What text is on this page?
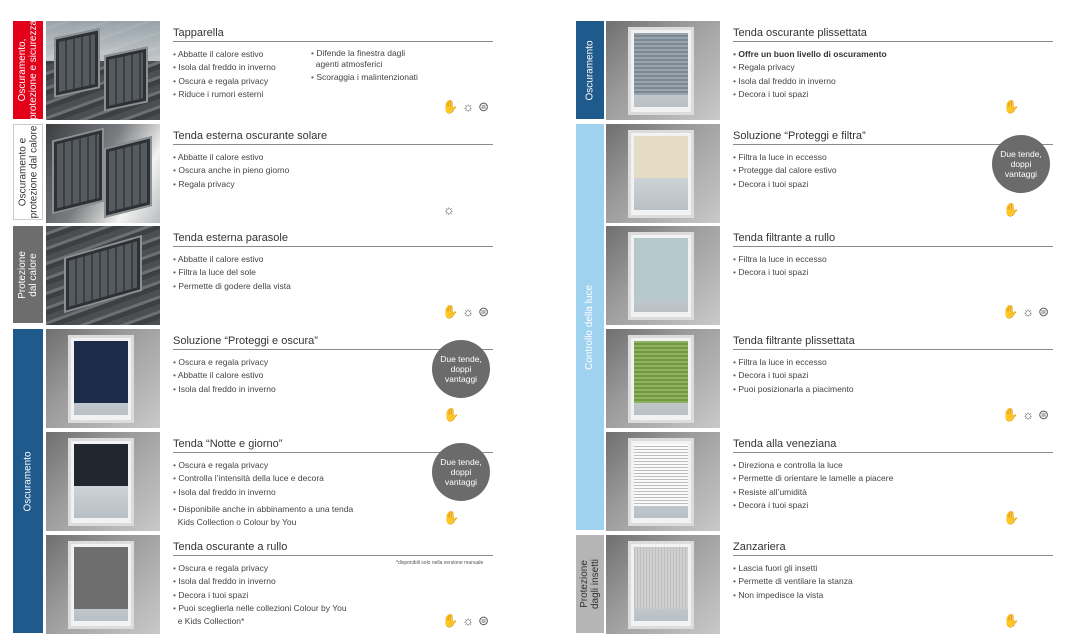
Oscuramento,
protezione e sicurezza
Oscuramento e
protezione dal calore
Protezione
dal calore
Oscuramento
Tapparella
• Abbatte il calore estivo
• Isola dal freddo in inverno
• Oscura e regala privacy
• Riduce i rumori esterni
• Difende la finestra dagli
agenti atmosferici
• Scoraggia i malintenzionati
✋ ☼ ⊜
Tenda esterna oscurante solare
• Abbatte il calore estivo
• Oscura anche in pieno giorno
• Regala privacy
☼
Tenda esterna parasole
• Abbatte il calore estivo
• Filtra la luce del sole
• Permette di godere della vista
✋ ☼ ⊜
Soluzione “Proteggi e oscura”
• Oscura e regala privacy
• Abbatte il calore estivo
• Isola dal freddo in inverno
Due tende,
doppi
vantaggi
✋
Tenda “Notte e giorno”
• Oscura e regala privacy
• Controlla l’intensità della luce e decora
• Isola dal freddo in inverno
• Disponibile anche in abbinamento a una tenda
Kids Collection o Colour by You
Due tende,
doppi
vantaggi
✋
Tenda oscurante a rullo
• Oscura e regala privacy
• Isola dal freddo in inverno
• Decora i tuoi spazi
• Puoi sceglierla nelle collezioni Colour by You
e Kids Collection*
*disponibili solo nella versione manuale
✋ ☼ ⊜
Oscuramento
Controllo della luce
Protezione
dagli insetti
Tenda oscurante plissettata
• Offre un buon livello di oscuramento
• Regala privacy
• Isola dal freddo in inverno
• Decora i tuoi spazi
✋
Soluzione “Proteggi e filtra”
• Filtra la luce in eccesso
• Protegge dal calore estivo
• Decora i tuoi spazi
Due tende,
doppi
vantaggi
✋
Tenda filtrante a rullo
• Filtra la luce in eccesso
• Decora i tuoi spazi
✋ ☼ ⊜
Tenda filtrante plissettata
• Filtra la luce in eccesso
• Decora i tuoi spazi
• Puoi posizionarla a piacimento
✋ ☼ ⊜
Tenda alla veneziana
• Direziona e controlla la luce
• Permette di orientare le lamelle a piacere
• Resiste all’umidità
• Decora i tuoi spazi
✋
Zanzariera
• Lascia fuori gli insetti
• Permette di ventilare la stanza
• Non impedisce la vista
✋
